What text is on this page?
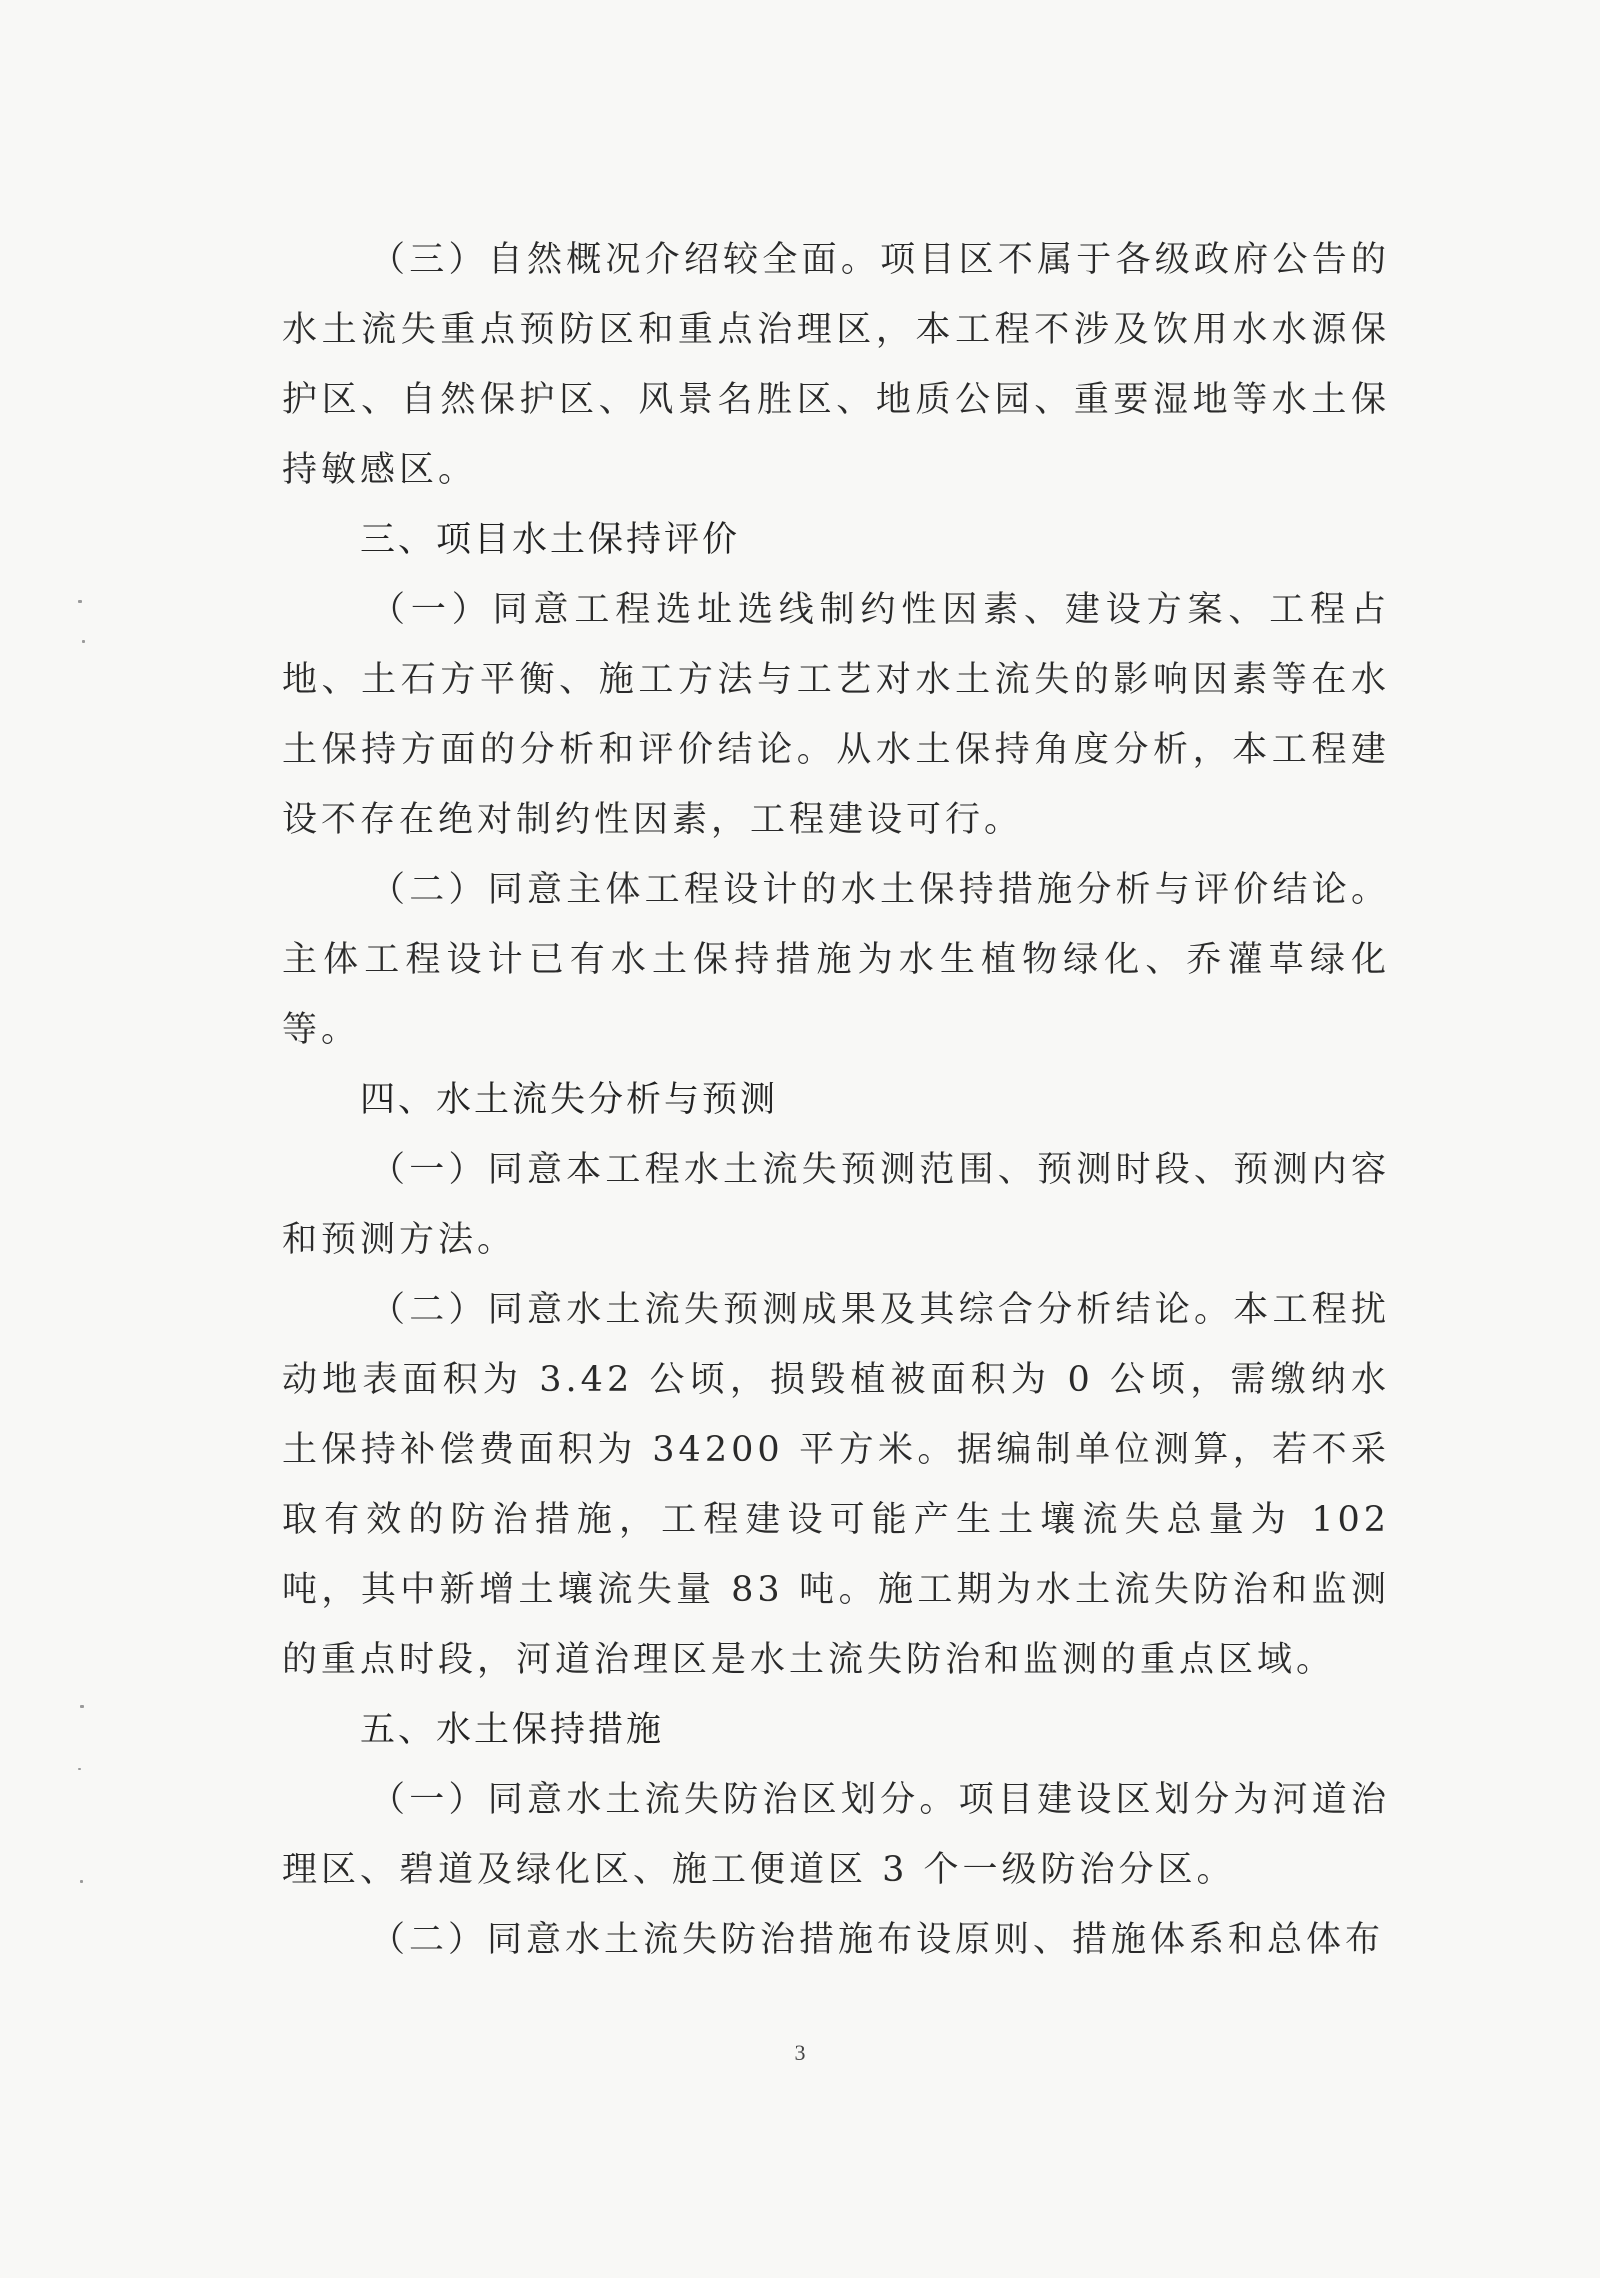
（三）自然概况介绍较全面。项目区不属于各级政府公告的水土流失重点预防区和重点治理区，本工程不涉及饮用水水源保护区、自然保护区、风景名胜区、地质公园、重要湿地等水土保持敏感区。

三、项目水土保持评价

（一）同意工程选址选线制约性因素、建设方案、工程占地、土石方平衡、施工方法与工艺对水土流失的影响因素等在水土保持方面的分析和评价结论。从水土保持角度分析，本工程建设不存在绝对制约性因素，工程建设可行。

（二）同意主体工程设计的水土保持措施分析与评价结论。主体工程设计已有水土保持措施为水生植物绿化、乔灌草绿化等。

四、水土流失分析与预测

（一）同意本工程水土流失预测范围、预测时段、预测内容和预测方法。

（二）同意水土流失预测成果及其综合分析结论。本工程扰动地表面积为 3.42 公顷，损毁植被面积为 0 公顷，需缴纳水土保持补偿费面积为 34200 平方米。据编制单位测算，若不采取有效的防治措施，工程建设可能产生土壤流失总量为 102 吨，其中新增土壤流失量 83 吨。施工期为水土流失防治和监测的重点时段，河道治理区是水土流失防治和监测的重点区域。

五、水土保持措施

（一）同意水土流失防治区划分。项目建设区划分为河道治理区、碧道及绿化区、施工便道区 3 个一级防治分区。

（二）同意水土流失防治措施布设原则、措施体系和总体布

3
